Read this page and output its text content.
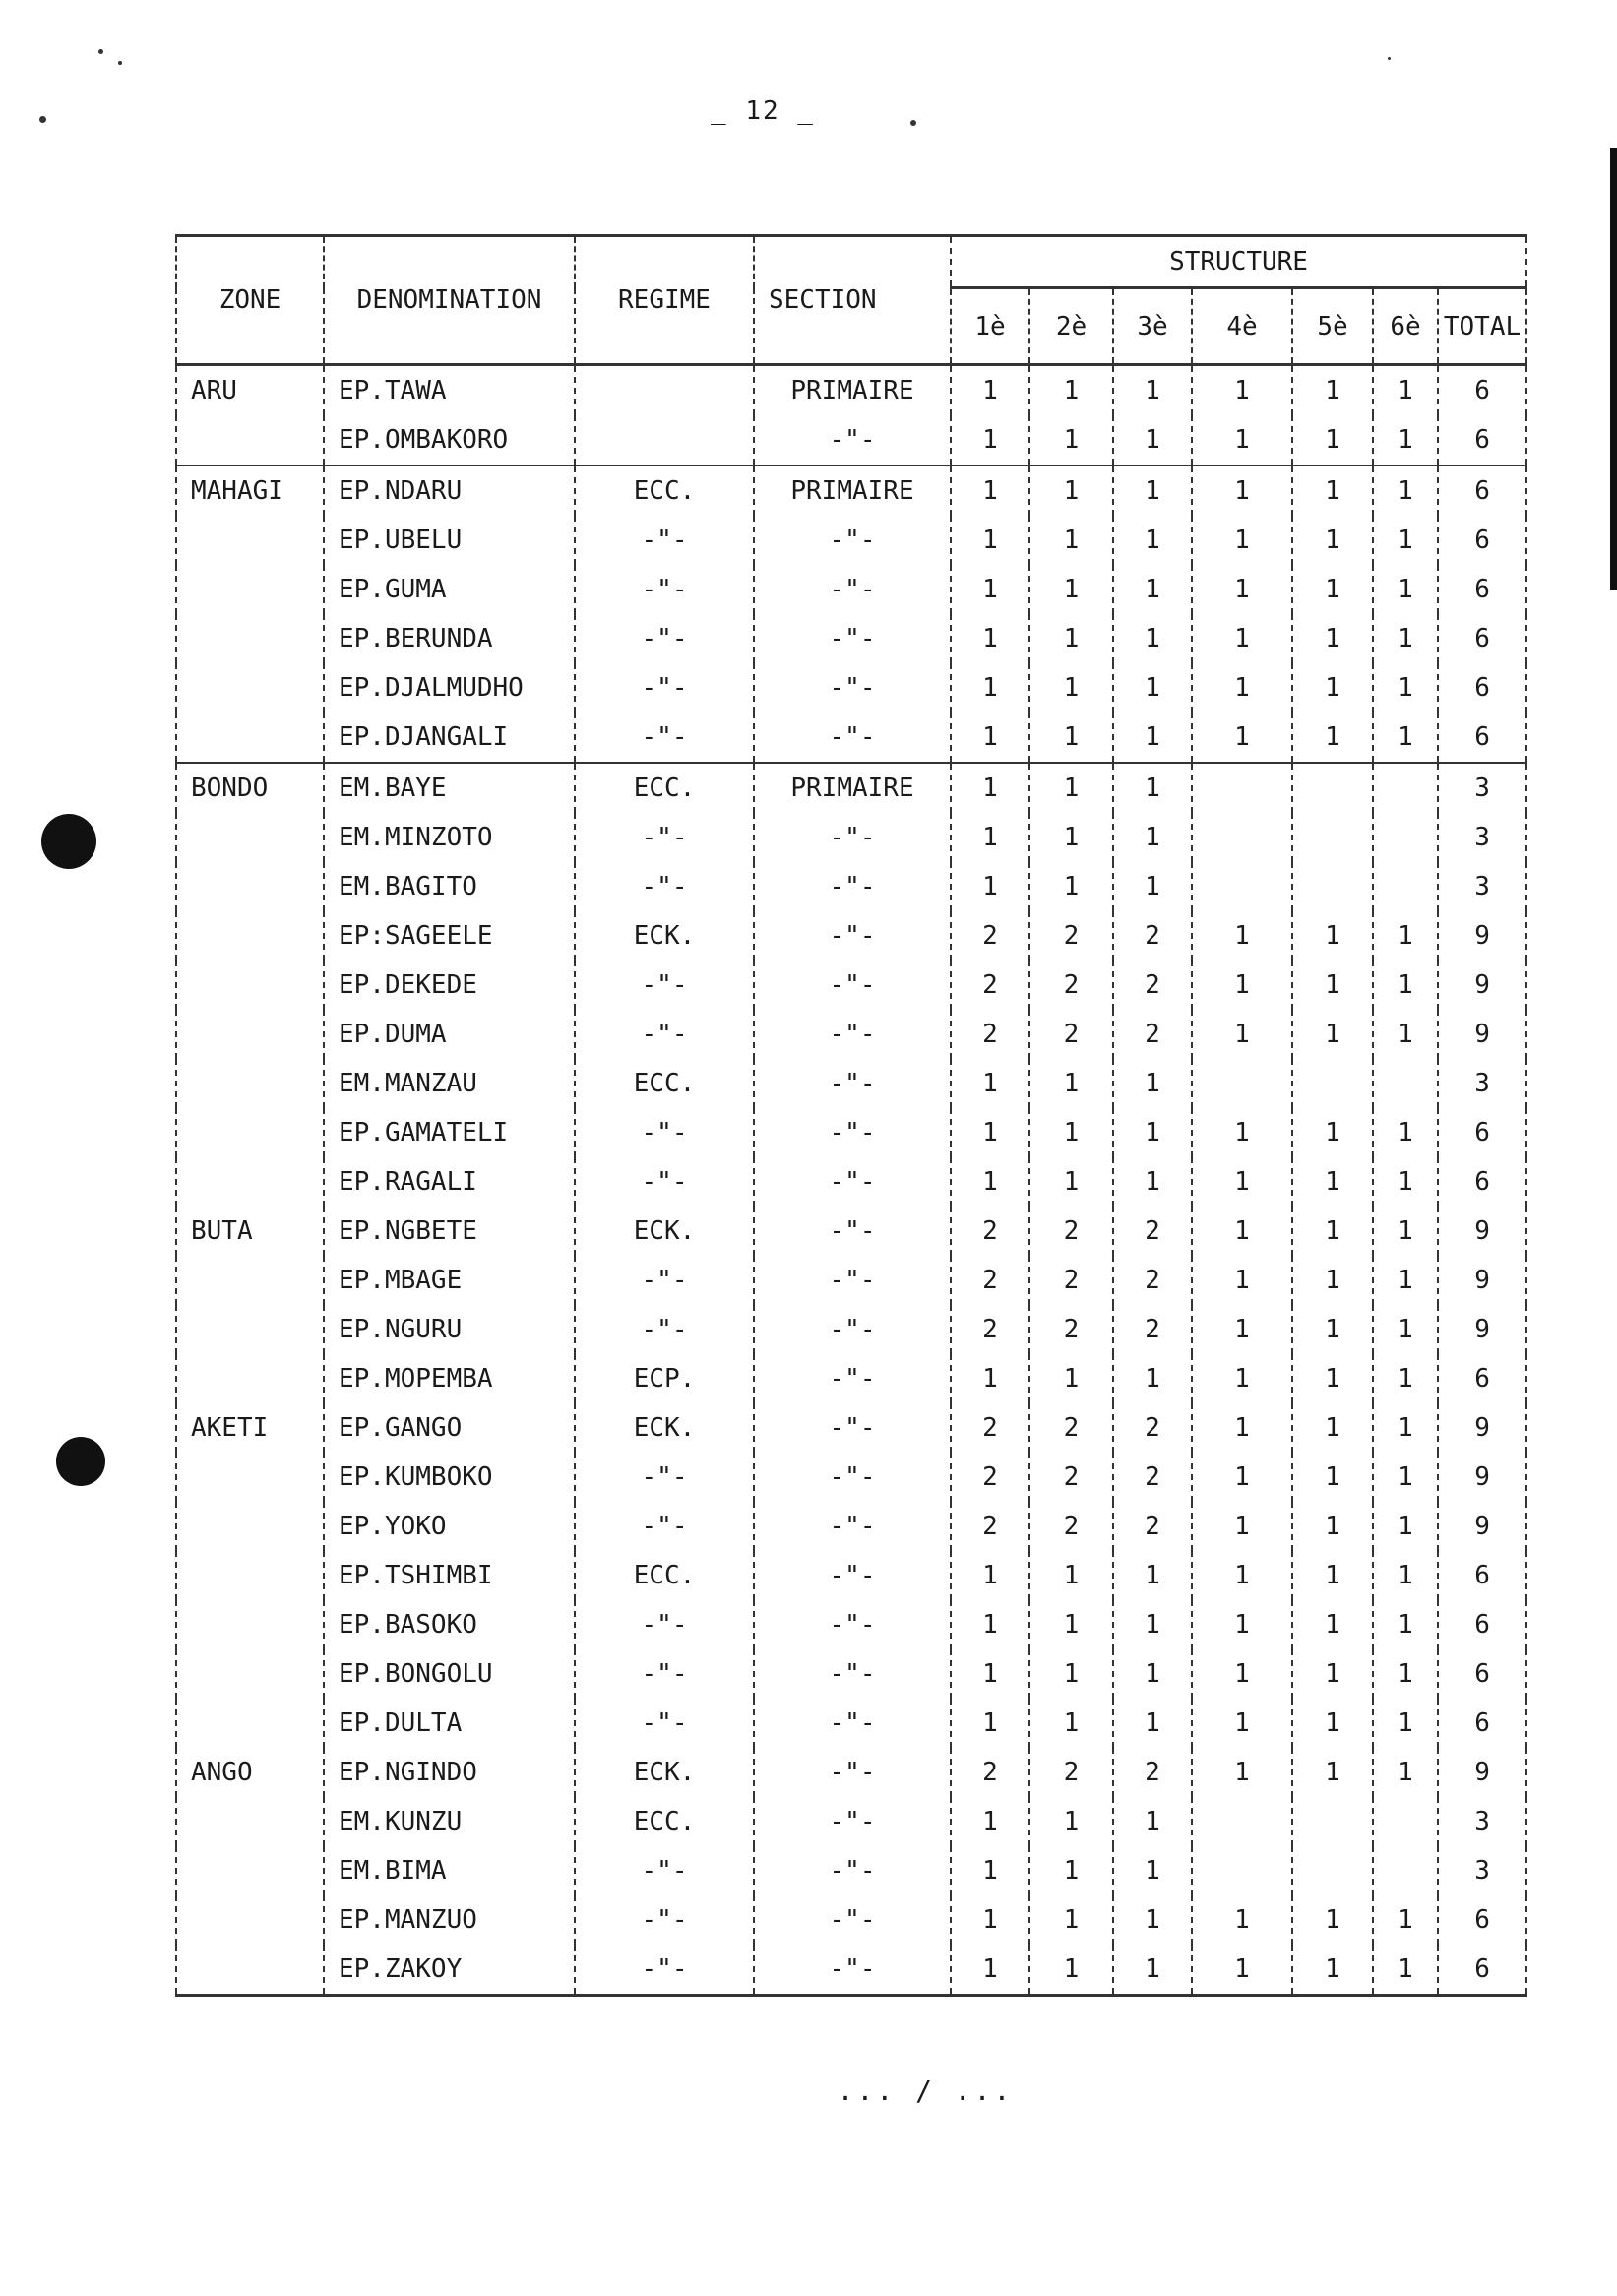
_ 12 _
ZONE	DENOMINATION	REGIME	SECTION	STRUCTURE						
				1è	2è	3è	4è	5è	6è	TOTAL
ARU	EP.TAWA		PRIMAIRE	1	1	1	1	1	1	6
	EP.OMBAKORO		-"-	1	1	1	1	1	1	6
MAHAGI	EP.NDARU	ECC.	PRIMAIRE	1	1	1	1	1	1	6
	EP.UBELU	-"-	-"-	1	1	1	1	1	1	6
	EP.GUMA	-"-	-"-	1	1	1	1	1	1	6
	EP.BERUNDA	-"-	-"-	1	1	1	1	1	1	6
	EP.DJALMUDHO	-"-	-"-	1	1	1	1	1	1	6
	EP.DJANGALI	-"-	-"-	1	1	1	1	1	1	6
BONDO	EM.BAYE	ECC.	PRIMAIRE	1	1	1				3
	EM.MINZOTO	-"-	-"-	1	1	1				3
	EM.BAGITO	-"-	-"-	1	1	1				3
	EP:SAGEELE	ECK.	-"-	2	2	2	1	1	1	9
	EP.DEKEDE	-"-	-"-	2	2	2	1	1	1	9
	EP.DUMA	-"-	-"-	2	2	2	1	1	1	9
	EM.MANZAU	ECC.	-"-	1	1	1				3
	EP.GAMATELI	-"-	-"-	1	1	1	1	1	1	6
	EP.RAGALI	-"-	-"-	1	1	1	1	1	1	6
BUTA	EP.NGBETE	ECK.	-"-	2	2	2	1	1	1	9
	EP.MBAGE	-"-	-"-	2	2	2	1	1	1	9
	EP.NGURU	-"-	-"-	2	2	2	1	1	1	9
	EP.MOPEMBA	ECP.	-"-	1	1	1	1	1	1	6
AKETI	EP.GANGO	ECK.	-"-	2	2	2	1	1	1	9
	EP.KUMBOKO	-"-	-"-	2	2	2	1	1	1	9
	EP.YOKO	-"-	-"-	2	2	2	1	1	1	9
	EP.TSHIMBI	ECC.	-"-	1	1	1	1	1	1	6
	EP.BASOKO	-"-	-"-	1	1	1	1	1	1	6
	EP.BONGOLU	-"-	-"-	1	1	1	1	1	1	6
	EP.DULTA	-"-	-"-	1	1	1	1	1	1	6
ANGO	EP.NGINDO	ECK.	-"-	2	2	2	1	1	1	9
	EM.KUNZU	ECC.	-"-	1	1	1				3
	EM.BIMA	-"-	-"-	1	1	1				3
	EP.MANZUO	-"-	-"-	1	1	1	1	1	1	6
	EP.ZAKOY	-"-	-"-	1	1	1	1	1	1	6
... / ...
